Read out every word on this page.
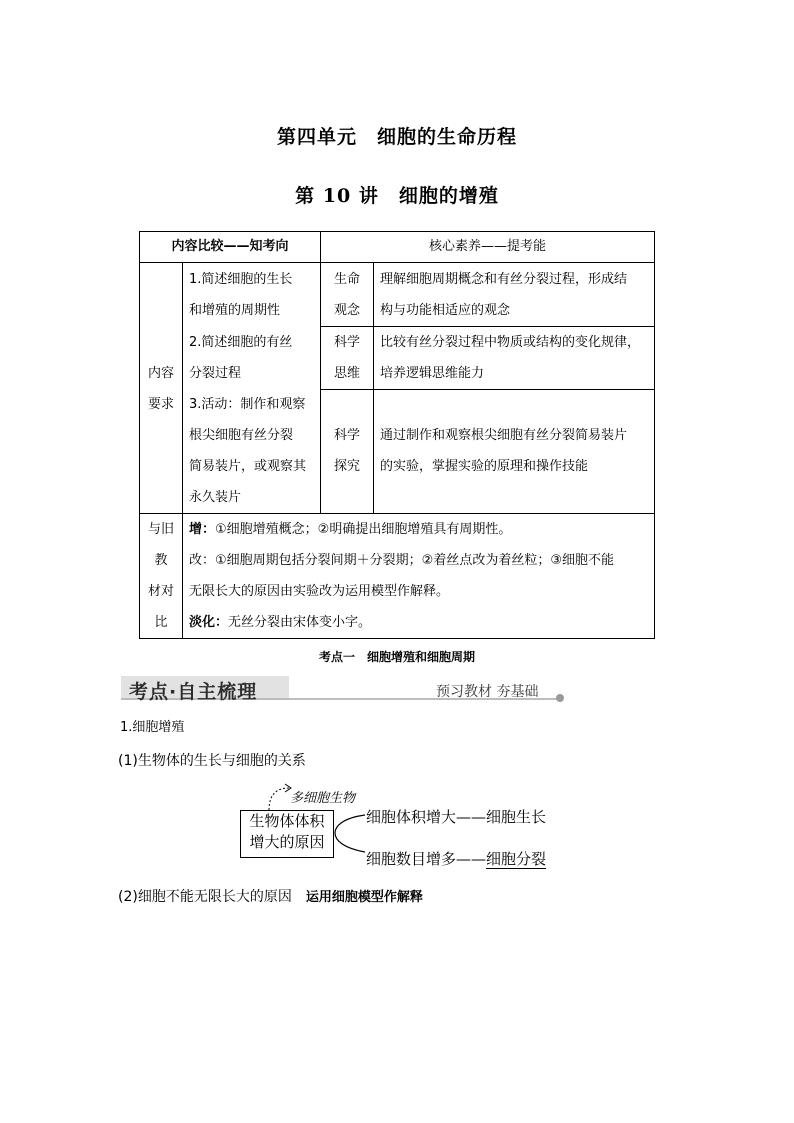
第四单元　细胞的生命历程
第 10 讲　细胞的增殖
内容比较——知考向	核心素养——提考能
内容
要求
1.简述细胞的生长
和增殖的周期性
2.简述细胞的有丝
分裂过程
3.活动：制作和观察
根尖细胞有丝分裂
简易装片，或观察其
永久装片
生命
观念
理解细胞周期概念和有丝分裂过程，形成结
构与功能相适应的观念
科学
思维
比较有丝分裂过程中物质或结构的变化规律，
培养逻辑思维能力
科学
探究
通过制作和观察根尖细胞有丝分裂简易装片
的实验，掌握实验的原理和操作技能
与旧
教
材对
比
增：①细胞增殖概念；②明确提出细胞增殖具有周期性。
改：①细胞周期包括分裂间期＋分裂期；②着丝点改为着丝粒；③细胞不能
无限长大的原因由实验改为运用模型作解释。
淡化：无丝分裂由宋体变小字。
考点一　细胞增殖和细胞周期
考点·自主梳理	预习教材 夯基础
1.细胞增殖
(1)生物体的生长与细胞的关系
多细胞生物
生物体体积
增大的原因
细胞体积增大——细胞生长
细胞数目增多——细胞分裂
(2)细胞不能无限长大的原因 运用细胞模型作解释
